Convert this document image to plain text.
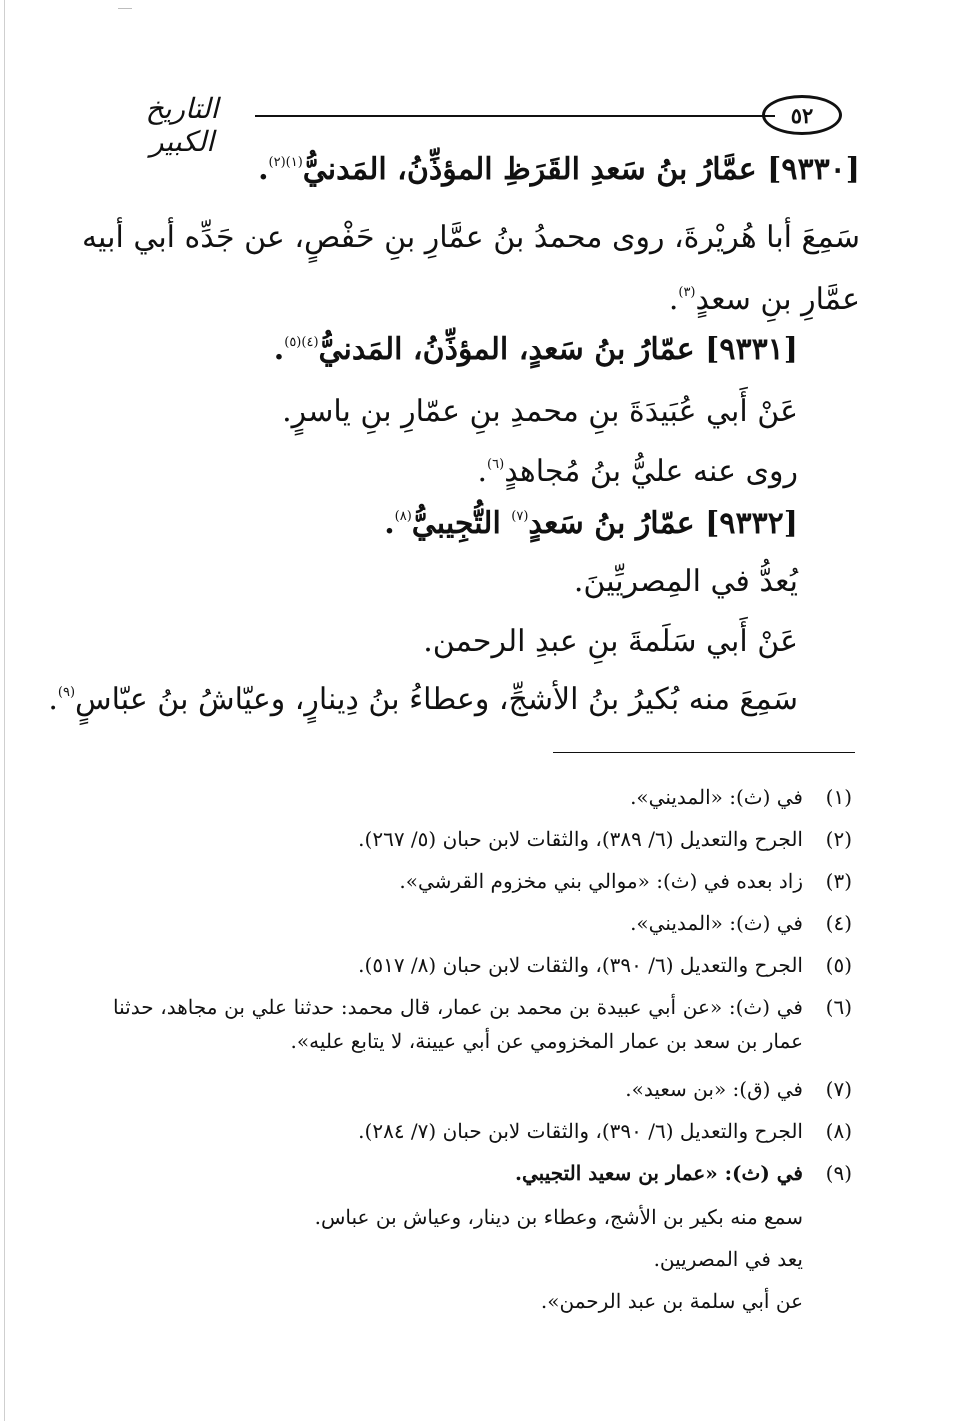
٥٢
التاريخ الكبير
[٩٣٣٠] عمَّارُ بنُ سَعدِ القَرَظِ المؤذِّنُ، المَدنيُّ$^{(١)(٢)}$.
سَمِعَ أبا هُريْرةَ، روى محمدُ بنُ عمَّارِ بنِ حَفْصٍ، عن جَدِّه أبي أبيه
عمَّارِ بنِ سعدٍ$^{(٣)}$.
[٩٣٣١] عمّارُ بنُ سَعدٍ، المؤذِّنُ، المَدنيُّ$^{(٤)(٥)}$.
عَنْ أَبي عُبَيدَةَ بنِ محمدِ بنِ عمّارِ بنِ ياسرٍ.
روى عنه عليُّ بنُ مُجاهدٍ$^{(٦)}$.
[٩٣٣٢] عمّارُ بنُ سَعدٍ$^{(٧)}$ التُّجِيبيُّ$^{(٨)}$.
يُعدُّ في المِصريِّينَ.
عَنْ أَبي سَلَمةَ بنِ عبدِ الرحمن.
سَمِعَ منه بُكيرُ بنُ الأشجِّ، وعطاءُ بنُ دِينارٍ، وعيّاشُ بنُ عبّاسٍ$^{(٩)}$.
(١)
في (ث): «المديني».
(٢)
الجرح والتعديل (٦/ ٣٨٩)، والثقات لابن حبان (٥/ ٢٦٧).
(٣)
زاد بعده في (ث): «موالي بني مخزوم القرشي».
(٤)
في (ث): «المديني».
(٥)
الجرح والتعديل (٦/ ٣٩٠)، والثقات لابن حبان (٨/ ٥١٧).
(٦)
في (ث): «عن أبي عبيدة بن محمد بن عمار، قال محمد: حدثنا علي بن مجاهد، حدثنا عمار بن سعد بن عمار المخزومي عن أبي عيينة، لا يتابع عليه».
(٧)
في (ق): «بن سعيد».
(٨)
الجرح والتعديل (٦/ ٣٩٠)، والثقات لابن حبان (٧/ ٢٨٤).
(٩)
في (ث): «عمار بن سعيد التجيبي.
سمع منه بكير بن الأشج، وعطاء بن دينار، وعياش بن عباس.
يعد في المصريين.
عن أبي سلمة بن عبد الرحمن».
